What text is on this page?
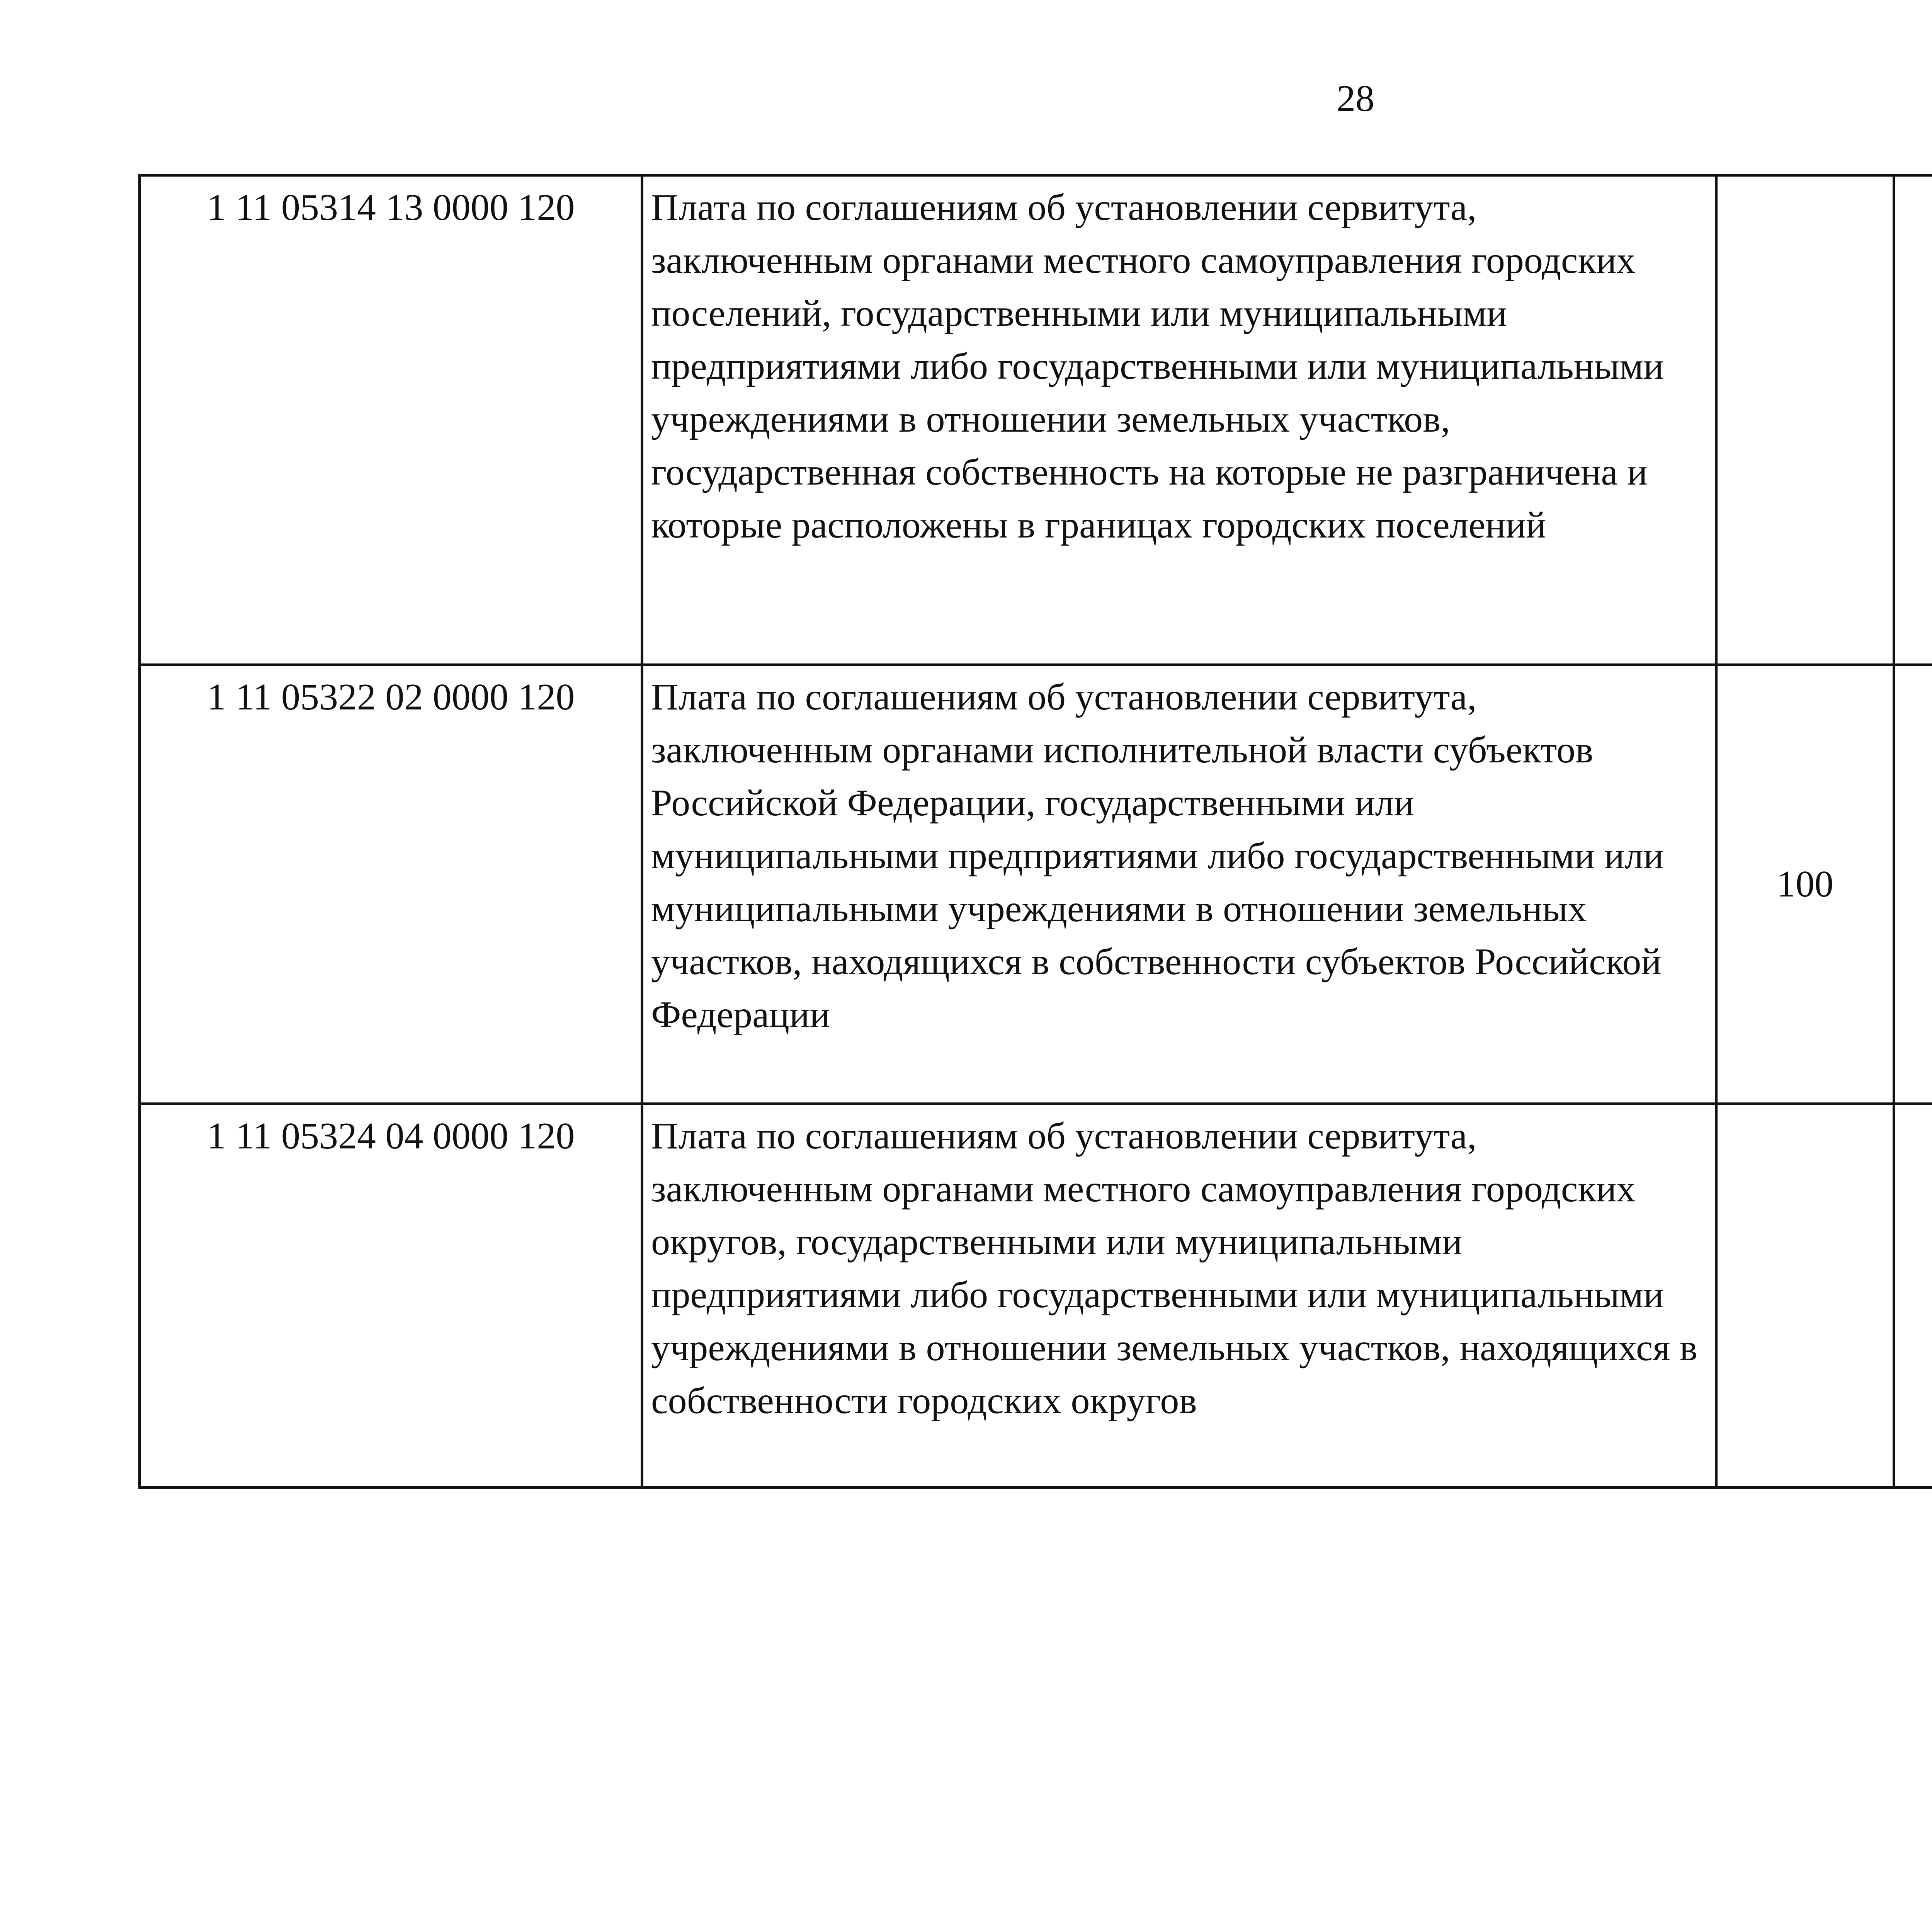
28
1 11 05314 13 0000 120	Плата по соглашениям об установлении сервитута, заключенным органами местного самоуправления городских поселений, государственными или муниципальными предприятиями либо государственными или муниципальными учреждениями в отношении земельных участков, государственная собственность на которые не разграничена и которые расположены в границах городских поселений					
1 11 05322 02 0000 120	Плата по соглашениям об установлении сервитута, заключенным органами исполнительной власти субъектов Российской Федерации, государственными или муниципальными предприятиями либо государственными или муниципальными учреждениями в отношении земельных участков, находящихся в собственности субъектов Российской Федерации	100				
1 11 05324 04 0000 120	Плата по соглашениям об установлении сервитута, заключенным органами местного самоуправления городских округов, государственными или муниципальными предприятиями либо государственными или муниципальными учреждениями в отношении земельных участков, находящихся в собственности городских округов					
